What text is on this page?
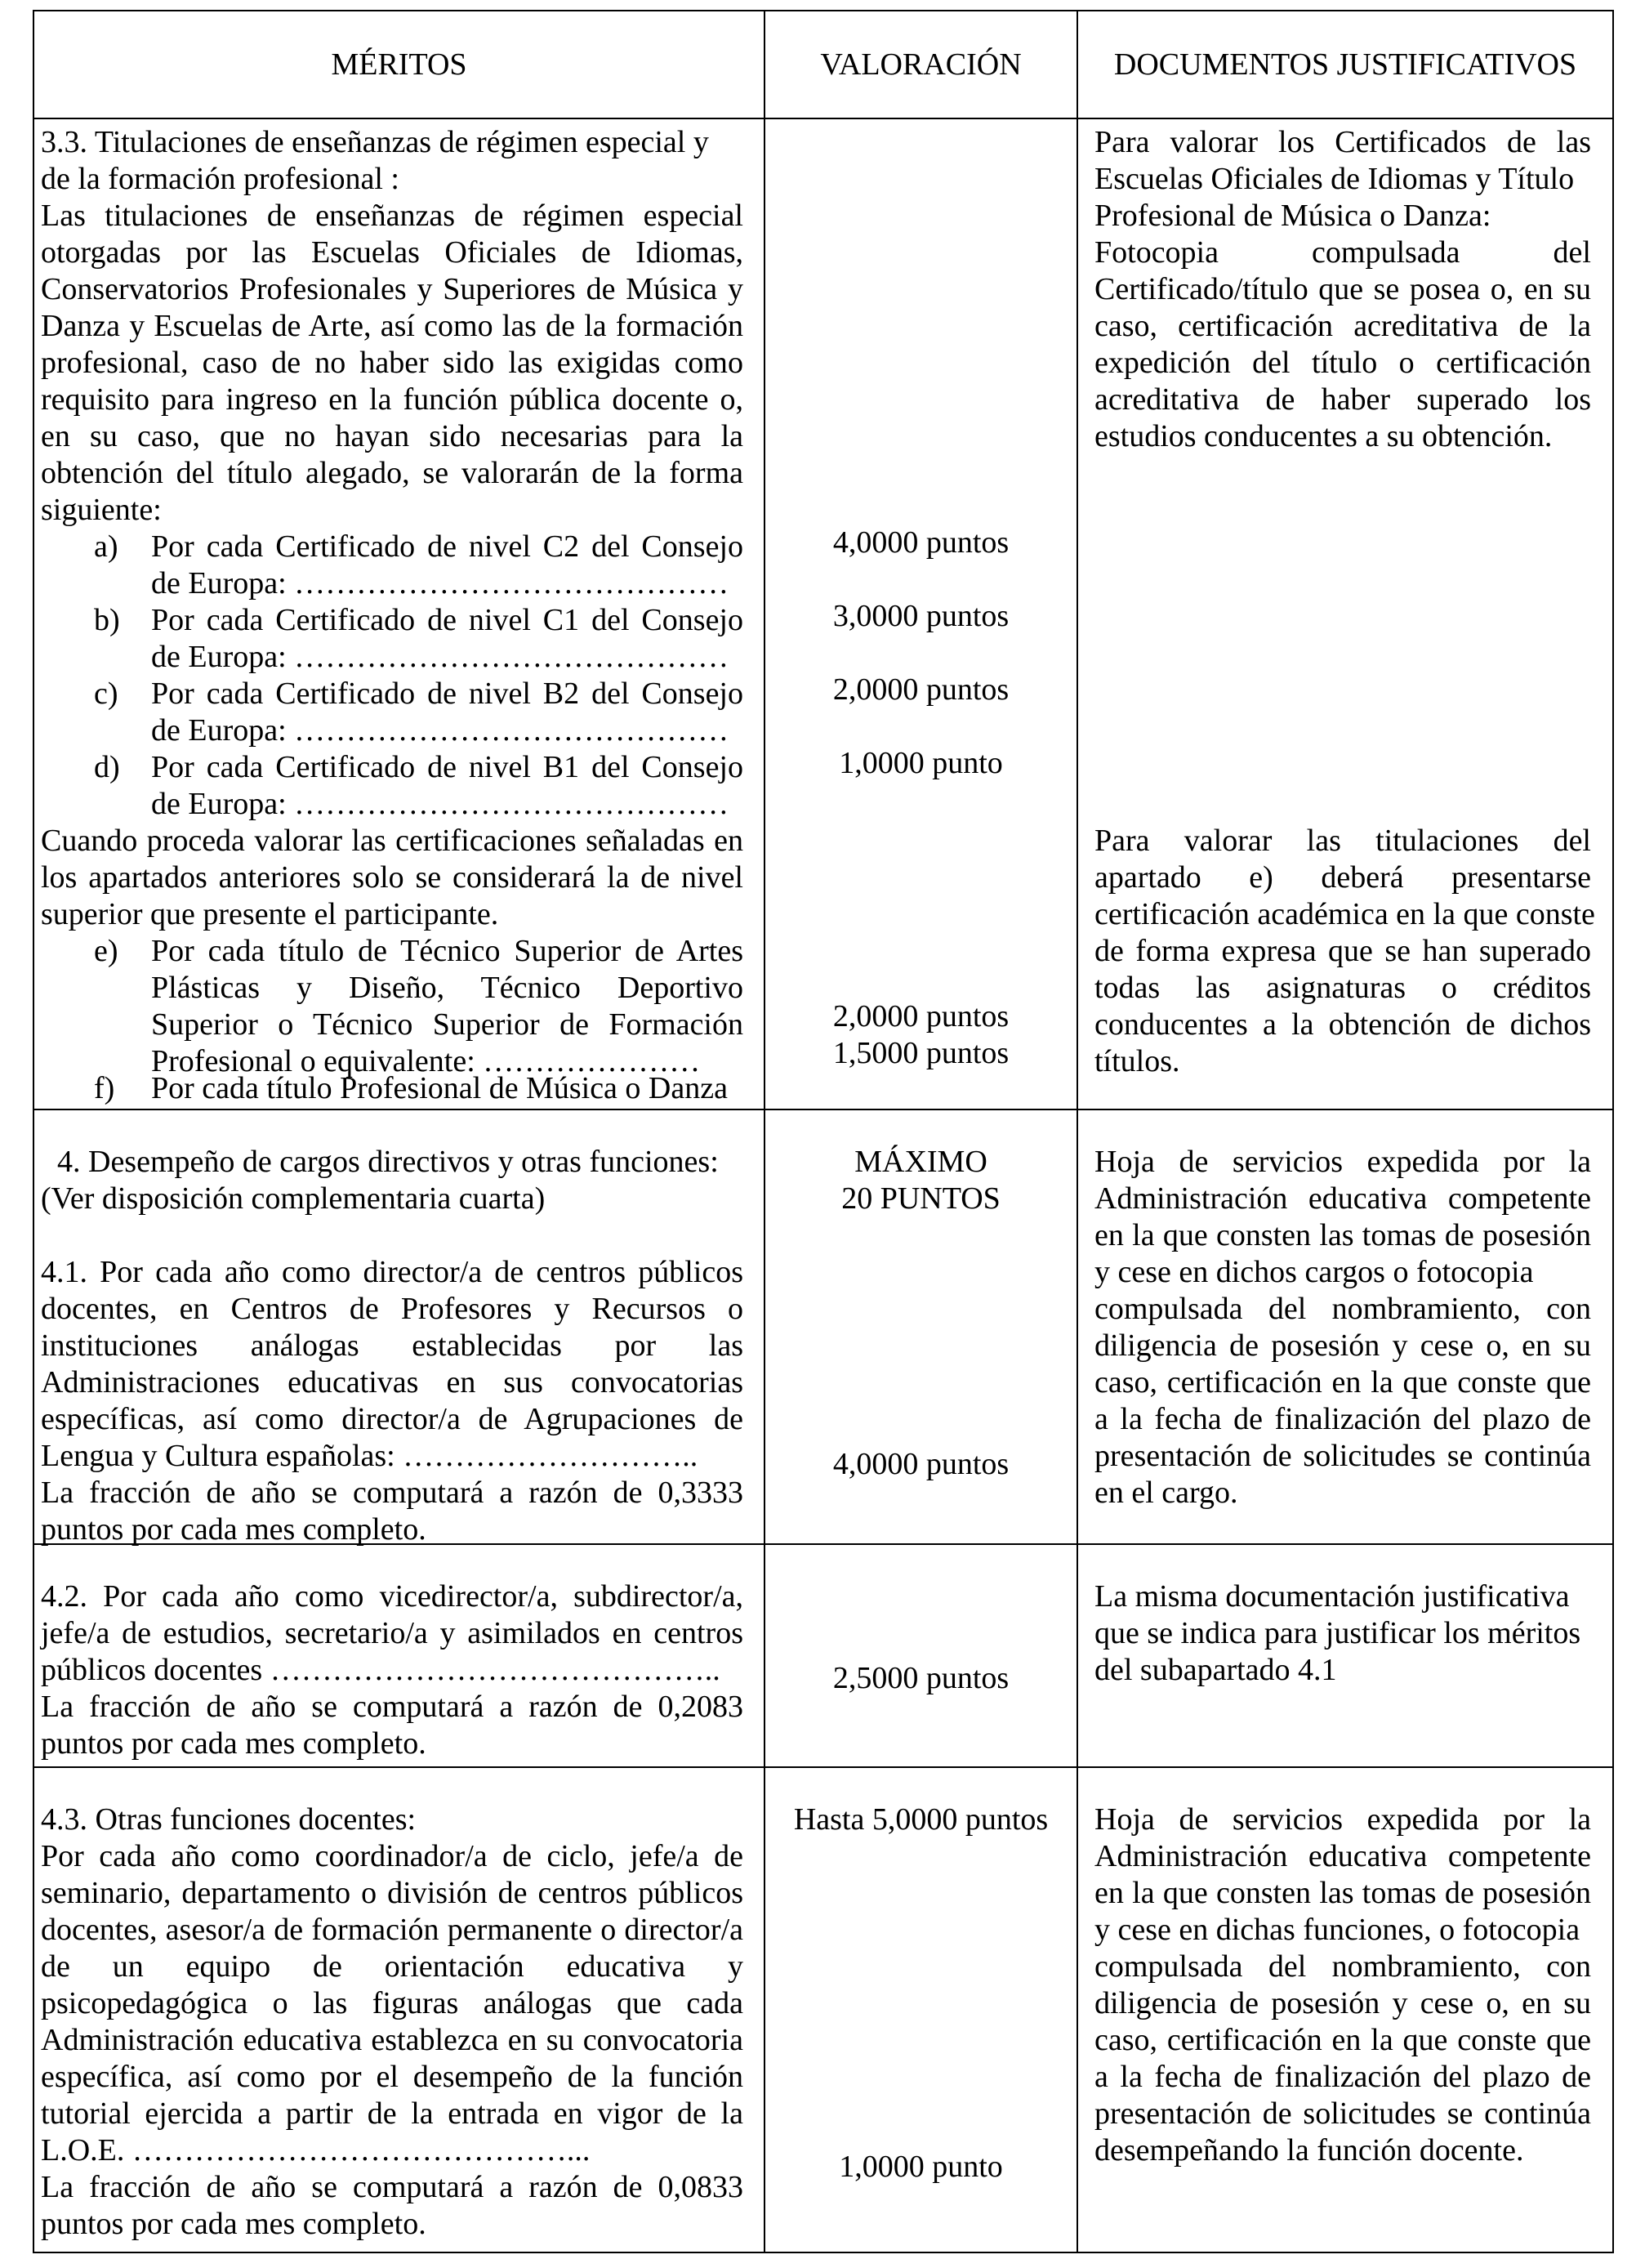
MÉRITOS	VALORACIÓN	DOCUMENTOS JUSTIFICATIVOS
3.3. Titulaciones de enseñanzas de régimen especial y
de la formación profesional :
Las titulaciones de enseñanzas de régimen especial
otorgadas por las Escuelas Oficiales de Idiomas,
Conservatorios Profesionales y Superiores de Música y
Danza y Escuelas de Arte, así como las de la formación
profesional, caso de no haber sido las exigidas como
requisito para ingreso en la función pública docente o,
en su caso, que no hayan sido necesarias para la
obtención del título alegado, se valorarán de la forma
siguiente:
a) Por cada Certificado de nivel C2 del Consejo
de Europa: ……………………………………
b) Por cada Certificado de nivel C1 del Consejo
de Europa: ……………………………………
c) Por cada Certificado de nivel B2 del Consejo
de Europa: ……………………………………
d) Por cada Certificado de nivel B1 del Consejo
de Europa: ……………………………………
Cuando proceda valorar las certificaciones señaladas en
los apartados anteriores solo se considerará la de nivel
superior que presente el participante.
e) Por cada título de Técnico Superior de Artes
Plásticas y Diseño, Técnico Deportivo
Superior o Técnico Superior de Formación
Profesional o equivalente: …………………
f) Por cada título Profesional de Música o Danza
4,0000 puntos
3,0000 puntos
2,0000 puntos
1,0000 punto
2,0000 puntos
1,5000 puntos
Para valorar los Certificados de las
Escuelas Oficiales de Idiomas y Título
Profesional de Música o Danza:
Fotocopia compulsada del
Certificado/título que se posea o, en su
caso, certificación acreditativa de la
expedición del título o certificación
acreditativa de haber superado los
estudios conducentes a su obtención.
Para valorar las titulaciones del
apartado e) deberá presentarse
certificación académica en la que conste
de forma expresa que se han superado
todas las asignaturas o créditos
conducentes a la obtención de dichos
títulos.
4. Desempeño de cargos directivos y otras funciones:
(Ver disposición complementaria cuarta)
4.1. Por cada año como director/a de centros públicos
docentes, en Centros de Profesores y Recursos o
instituciones análogas establecidas por las
Administraciones educativas en sus convocatorias
específicas, así como director/a de Agrupaciones de
Lengua y Cultura españolas: ………………………..
La fracción de año se computará a razón de 0,3333
puntos por cada mes completo.
MÁXIMO
20 PUNTOS
4,0000 puntos
Hoja de servicios expedida por la
Administración educativa competente
en la que consten las tomas de posesión
y cese en dichos cargos o fotocopia
compulsada del nombramiento, con
diligencia de posesión y cese o, en su
caso, certificación en la que conste que
a la fecha de finalización del plazo de
presentación de solicitudes se continúa
en el cargo.
4.2. Por cada año como vicedirector/a, subdirector/a,
jefe/a de estudios, secretario/a y asimilados en centros
públicos docentes ……………………………………..
La fracción de año se computará a razón de 0,2083
puntos por cada mes completo.
2,5000 puntos
La misma documentación justificativa
que se indica para justificar los méritos
del subapartado 4.1
4.3. Otras funciones docentes:
Por cada año como coordinador/a de ciclo, jefe/a de
seminario, departamento o división de centros públicos
docentes, asesor/a de formación permanente o director/a
de un equipo de orientación educativa y
psicopedagógica o las figuras análogas que cada
Administración educativa establezca en su convocatoria
específica, así como por el desempeño de la función
tutorial ejercida a partir de la entrada en vigor de la
L.O.E. ……………………………………...
La fracción de año se computará a razón de 0,0833
puntos por cada mes completo.
Hasta 5,0000 puntos
1,0000 punto
Hoja de servicios expedida por la
Administración educativa competente
en la que consten las tomas de posesión
y cese en dichas funciones, o fotocopia
compulsada del nombramiento, con
diligencia de posesión y cese o, en su
caso, certificación en la que conste que
a la fecha de finalización del plazo de
presentación de solicitudes se continúa
desempeñando la función docente.
